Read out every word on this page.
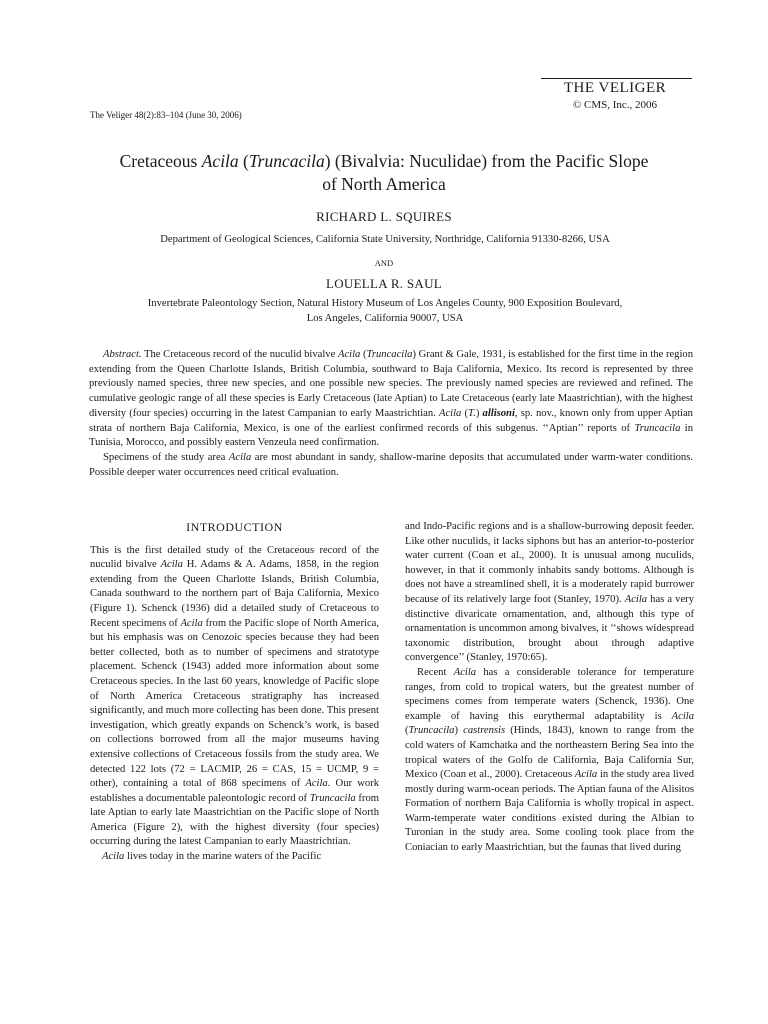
THE VELIGER
© CMS, Inc., 2006
The Veliger 48(2):83–104 (June 30, 2006)
Cretaceous Acila (Truncacila) (Bivalvia: Nuculidae) from the Pacific Slope
of North America
RICHARD L. SQUIRES
Department of Geological Sciences, California State University, Northridge, California 91330-8266, USA
AND
LOUELLA R. SAUL
Invertebrate Paleontology Section, Natural History Museum of Los Angeles County, 900 Exposition Boulevard,
Los Angeles, California 90007, USA

Abstract. The Cretaceous record of the nuculid bivalve Acila (Truncacila) Grant & Gale, 1931, is established for the first time in the region extending from the Queen Charlotte Islands, British Columbia, southward to Baja California, Mexico. Its record is represented by three previously named species, three new species, and one possible new species. The previously named species are reviewed and refined. The cumulative geologic range of all these species is Early Cretaceous (late Aptian) to Late Cretaceous (early late Maastrichtian), with the highest diversity (four species) occurring in the latest Campanian to early Maastrichtian. Acila (T.) allisoni, sp. nov., known only from upper Aptian strata of northern Baja California, Mexico, is one of the earliest confirmed records of this subgenus. ‘‘Aptian’’ reports of Truncacila in Tunisia, Morocco, and possibly eastern Venzeula need confirmation.

Specimens of the study area Acila are most abundant in sandy, shallow-marine deposits that accumulated under warm-water conditions. Possible deeper water occurrences need critical evaluation.

INTRODUCTION

This is the first detailed study of the Cretaceous record of the nuculid bivalve Acila H. Adams & A. Adams, 1858, in the region extending from the Queen Charlotte Islands, British Columbia, Canada southward to the northern part of Baja California, Mexico (Figure 1). Schenck (1936) did a detailed study of Cretaceous to Recent specimens of Acila from the Pacific slope of North America, but his emphasis was on Cenozoic species because they had been better collected, both as to number of specimens and stratotype placement. Schenck (1943) added more information about some Cretaceous species. In the last 60 years, knowledge of Pacific slope of North America Cretaceous stratigraphy has increased significantly, and much more collecting has been done. This present investigation, which greatly expands on Schenck’s work, is based on collections borrowed from all the major museums having extensive collections of Cretaceous fossils from the study area. We detected 122 lots (72 = LACMIP, 26 = CAS, 15 = UCMP, 9 = other), containing a total of 868 specimens of Acila. Our work establishes a documentable paleontologic record of Truncacila from late Aptian to early late Maastrichtian on the Pacific slope of North America (Figure 2), with the highest diversity (four species) occurring during the latest Campanian to early Maastrichtian.

Acila lives today in the marine waters of the Pacific

and Indo-Pacific regions and is a shallow-burrowing deposit feeder. Like other nuculids, it lacks siphons but has an anterior-to-posterior water current (Coan et al., 2000). It is unusual among nuculids, however, in that it commonly inhabits sandy bottoms. Although is does not have a streamlined shell, it is a moderately rapid burrower because of its relatively large foot (Stanley, 1970). Acila has a very distinctive divaricate ornamentation, and, although this type of ornamentation is uncommon among bivalves, it ‘‘shows widespread taxonomic distribution, brought about through adaptive convergence’’ (Stanley, 1970:65).

Recent Acila has a considerable tolerance for temperature ranges, from cold to tropical waters, but the greatest number of specimens comes from temperate waters (Schenck, 1936). One example of having this eurythermal adaptability is Acila (Truncacila) castrensis (Hinds, 1843), known to range from the cold waters of Kamchatka and the northeastern Bering Sea into the tropical waters of the Golfo de California, Baja California Sur, Mexico (Coan et al., 2000). Cretaceous Acila in the study area lived mostly during warm-ocean periods. The Aptian fauna of the Alisitos Formation of northern Baja California is wholly tropical in aspect. Warm-temperate water conditions existed during the Albian to Turonian in the study area. Some cooling took place from the Coniacian to early Maastrichtian, but the faunas that lived during
